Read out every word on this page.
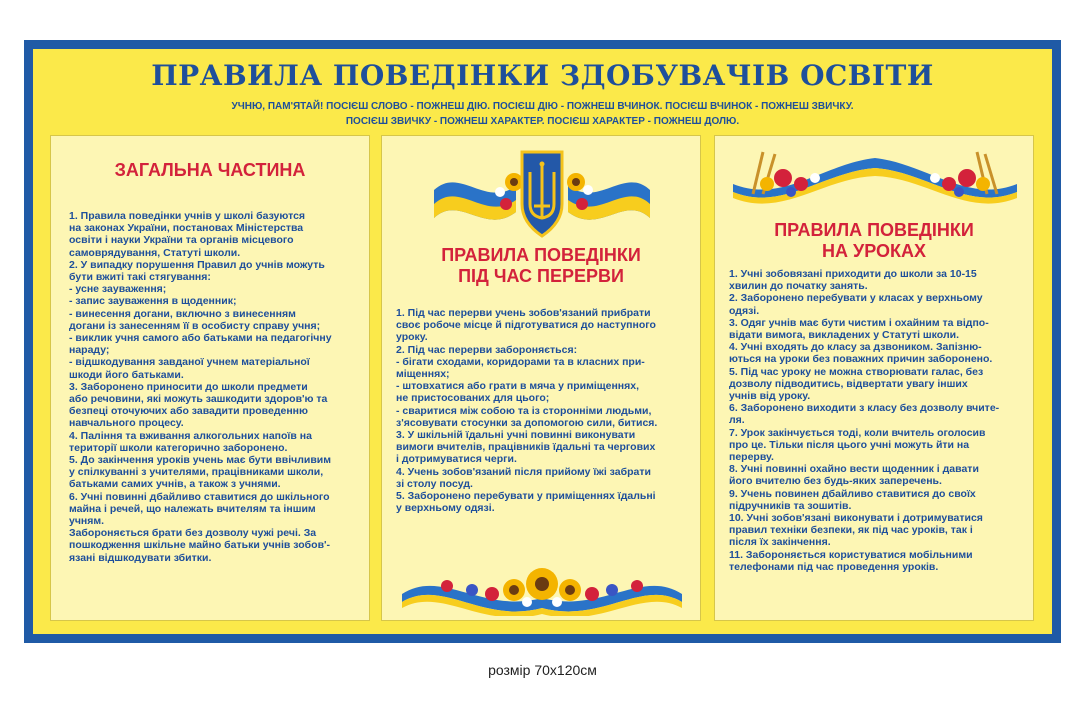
ПРАВИЛА ПОВЕДІНКИ ЗДОБУВАЧІВ ОСВІТИ
УЧНЮ, ПАМ'ЯТАЙ! ПОСІЄШ СЛОВО - ПОЖНЕШ ДІЮ. ПОСІЄШ ДІЮ - ПОЖНЕШ ВЧИНОК. ПОСІЄШ ВЧИНОК - ПОЖНЕШ ЗВИЧКУ.
ПОСІЄШ ЗВИЧКУ - ПОЖНЕШ ХАРАКТЕР. ПОСІЄШ ХАРАКТЕР - ПОЖНЕШ ДОЛЮ.
ЗАГАЛЬНА ЧАСТИНА

1. Правила поведінки учнів у школі базуются

на законах України, постановах Міністерства

освіти і науки України та органів місцевого

самоврядування, Статуті школи.

2. У випадку порушення Правил до учнів можуть

бути вжиті такі стягування:

- усне зауваження;

- запис зауваження в щоденник;

- винесення догани, включно з винесенням

догани із занесенням її в особисту справу учня;

- виклик учня самого або батьками на педагогічну

нараду;

- відшкодування завданої учнем матеріальної

шкоди його батьками.

3. Заборонено приносити до школи предмети

або речовини, які можуть зашкодити здоров'ю та

безпеці оточуючих або завадити проведенню

навчального процесу.

4. Паління та вживання алкогольних напоїв на

території школи категорично заборонено.

5. До закінчення уроків учень має бути ввічливим

у спілкуванні з учителями, працівниками школи,

батьками самих учнів, а також з учнями.

6. Учні повинні дбайливо ставитися до шкільного

майна і речей, що належать вчителям та іншим

учням.

Забороняється брати без дозволу чужі речі. За

пошкодження шкільне майно батьки учнів зобов'-

язані відшкодувати збитки.

ПРАВИЛА ПОВЕДІНКИ
ПІД ЧАС ПЕРЕРВИ

1. Під час перерви учень зобов'язаний прибрати

своє робоче місце й підготуватися до наступного

уроку.

2. Під час перерви забороняється:

- бігати сходами, коридорами та в класних при-

міщеннях;

- штовхатися або грати в мяча у приміщеннях,

не пристосованих для цього;

- сваритися між собою та із сторонніми людьми,

з'ясовувати стосунки за допомогою сили, битися.

3. У шкільній їдальні учні повинні виконувати

вимоги вчителів, працівників їдальні та чергових

і дотримуватися черги.

4. Учень зобов'язаний після прийому їжі забрати

зі столу посуд.

5. Заборонено перебувати у приміщеннях їдальні

у верхньому одязі.

ПРАВИЛА ПОВЕДІНКИ
НА УРОКАХ

1. Учні зобовязані приходити до школи за 10-15

хвилин до початку занять.

2. Заборонено перебувати у класах у верхньому

одязі.

3. Одяг учнів має бути чистим і охайним та відпо-

відати вимога, викладених у Статуті школи.

4. Учні входять до класу за дзвоником. Запізню-

ються на уроки без поважних причин заборонено.

5. Під час уроку не можна створювати галас, без

дозволу підводитись, відвертати увагу інших

учнів від уроку.

6. Заборонено виходити з класу без дозволу вчите-

ля.

7. Урок закінчується тоді, коли вчитель оголосив

про це. Тільки після цього учні можуть йти на

перерву.

8. Учні повинні охайно вести щоденник і давати

його вчителю без будь-яких заперечень.

9. Учень повинен дбайливо ставитися до своїх

підручників та зошитів.

10. Учні зобов'язані виконувати і дотримуватися

правил техніки безпеки, як під час уроків, так і

після їх закінчення.

11. Забороняється користуватися мобільними

телефонами під час проведення уроків.

розмір 70х120см
